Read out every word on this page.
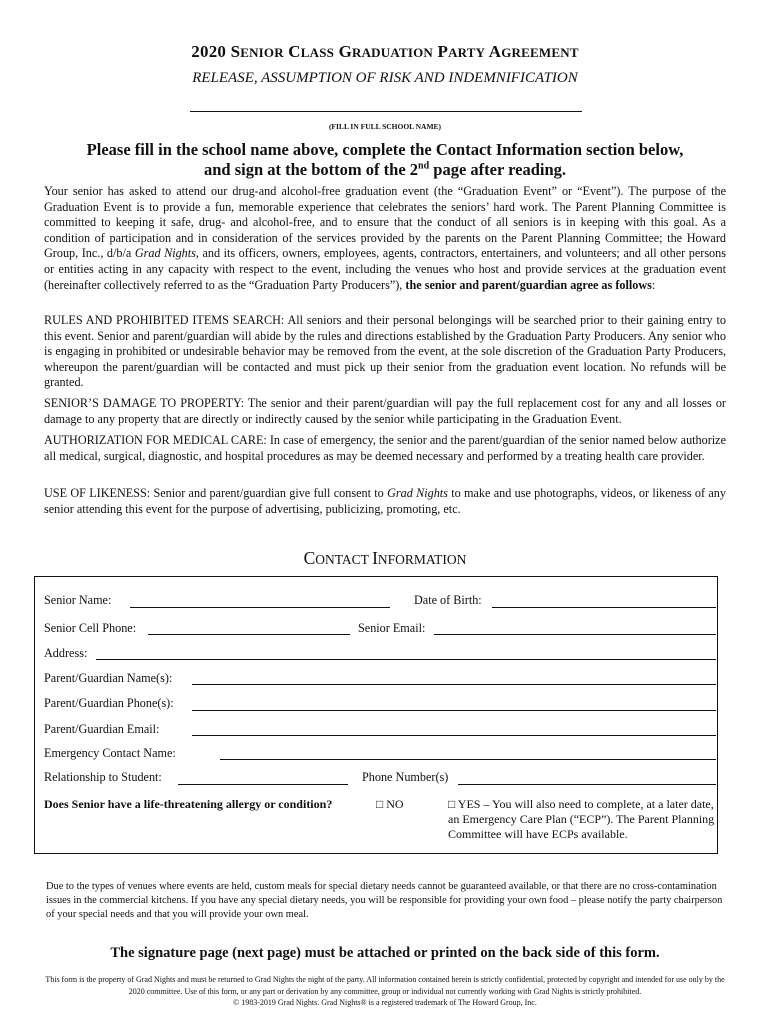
2020 SENIOR CLASS GRADUATION PARTY AGREEMENT
RELEASE, ASSUMPTION OF RISK AND INDEMNIFICATION
(FILL IN FULL SCHOOL NAME)
Please fill in the school name above, complete the Contact Information section below,
and sign at the bottom of the 2nd page after reading.

Your senior has asked to attend our drug-and alcohol-free graduation event (the “Graduation Event” or “Event”). The purpose of the Graduation Event is to provide a fun, memorable experience that celebrates the seniors’ hard work. The Parent Planning Committee is committed to keeping it safe, drug- and alcohol-free, and to ensure that the conduct of all seniors is in keeping with this goal. As a condition of participation and in consideration of the services provided by the parents on the Parent Planning Committee; the Howard Group, Inc., d/b/a Grad Nights, and its officers, owners, employees, agents, contractors, entertainers, and volunteers; and all other persons or entities acting in any capacity with respect to the event, including the venues who host and provide services at the graduation event (hereinafter collectively referred to as the “Graduation Party Producers”), the senior and parent/guardian agree as follows:

RULES AND PROHIBITED ITEMS SEARCH: All seniors and their personal belongings will be searched prior to their gaining entry to this event. Senior and parent/guardian will abide by the rules and directions established by the Graduation Party Producers. Any senior who is engaging in prohibited or undesirable behavior may be removed from the event, at the sole discretion of the Graduation Party Producers, whereupon the parent/guardian will be contacted and must pick up their senior from the graduation event location. No refunds will be granted.
SENIOR’S DAMAGE TO PROPERTY: The senior and their parent/guardian will pay the full replacement cost for any and all losses or damage to any property that are directly or indirectly caused by the senior while participating in the Graduation Event.
AUTHORIZATION FOR MEDICAL CARE: In case of emergency, the senior and the parent/guardian of the senior named below authorize all medical, surgical, diagnostic, and hospital procedures as may be deemed necessary and performed by a treating health care provider.
USE OF LIKENESS: Senior and parent/guardian give full consent to Grad Nights to make and use photographs, videos, or likeness of any senior attending this event for the purpose of advertising, publicizing, promoting, etc.
CONTACT INFORMATION
Senior Name:	Date of Birth:
Senior Cell Phone:	Senior Email:
Address:
Parent/Guardian Name(s):
Parent/Guardian Phone(s):
Parent/Guardian Email:
Emergency Contact Name:
Relationship to Student:	Phone Number(s)
Does Senior have a life-threatening allergy or condition?	□ NO	□ YES – You will also need to complete, at a later date, an Emergency Care Plan (“ECP”). The Parent Planning Committee will have ECPs available.
Due to the types of venues where events are held, custom meals for special dietary needs cannot be guaranteed available, or that there are no cross-contamination issues in the commercial kitchens. If you have any special dietary needs, you will be responsible for providing your own food – please notify the party chairperson of your special needs and that you will provide your own meal.
The signature page (next page) must be attached or printed on the back side of this form.
This form is the property of Grad Nights and must be returned to Grad Nights the night of the party. All information contained herein is strictly confidential, protected by copyright and intended for use only by the 2020 committee. Use of this form, or any part or derivation by any committee, group or individual not currently working with Grad Nights is strictly prohibited.
© 1983-2019 Grad Nights. Grad Nights® is a registered trademark of The Howard Group, Inc.
